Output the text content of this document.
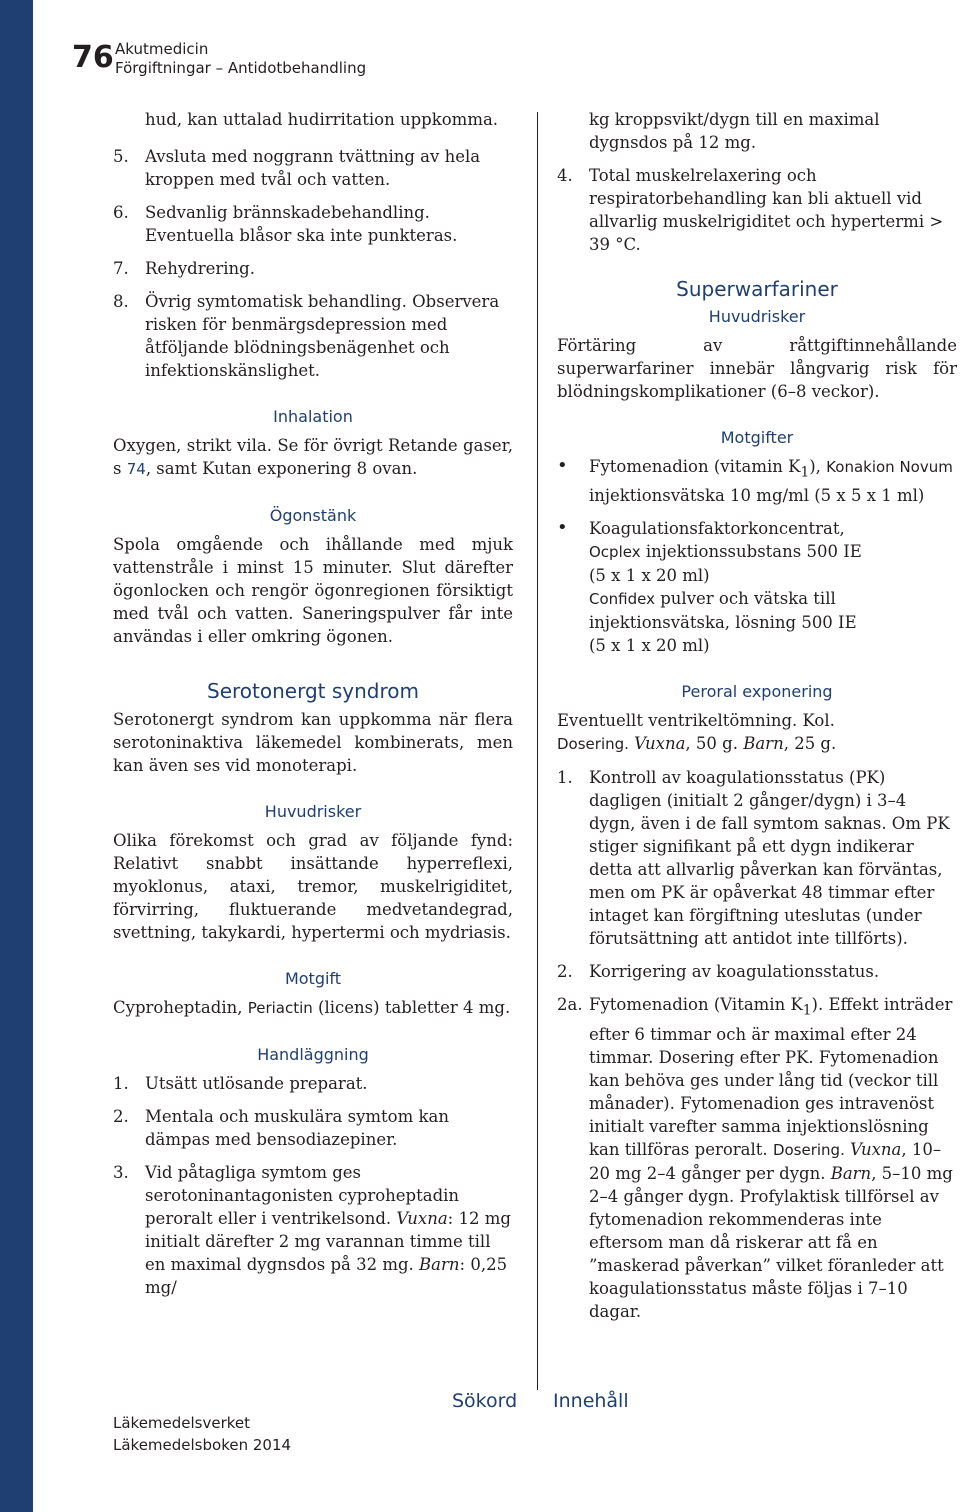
76 Akutmedicin
Förgiftningar – Antidotbehandling

hud, kan uttalad hudirritation uppkomma.

5. Avsluta med noggrann tvättning av hela kroppen med tvål och vatten.
6. Sedvanlig brännskadebehandling. Eventuella blåsor ska inte punkteras.
7. Rehydrering.
8. Övrig symtomatisk behandling. Observera risken för benmärgsdepression med åtföljande blödningsbenägenhet och infektionskänslighet.
Inhalation

Oxygen, strikt vila. Se för övrigt Retande gaser, s 74, samt Kutan exponering 8 ovan.

Ögonstänk

Spola omgående och ihållande med mjuk vattenstråle i minst 15 minuter. Slut därefter ögonlocken och rengör ögonregionen försiktigt med tvål och vatten. Saneringspulver får inte användas i eller omkring ögonen.

Serotonergt syndrom

Serotonergt syndrom kan uppkomma när flera serotoninaktiva läkemedel kombinerats, men kan även ses vid monoterapi.

Huvudrisker

Olika förekomst och grad av följande fynd: Relativt snabbt insättande hyperreflexi, myoklonus, ataxi, tremor, muskelrigiditet, förvirring, fluktuerande medvetandegrad, svettning, takykardi, hypertermi och mydriasis.

Motgift

Cyproheptadin, Periactin (licens) tabletter 4 mg.

Handläggning
1. Utsätt utlösande preparat.
2. Mentala och muskulära symtom kan dämpas med bensodiazepiner.
3. Vid påtagliga symtom ges serotoninantagonisten cyproheptadin peroralt eller i ventrikelsond. Vuxna: 12 mg initialt därefter 2 mg varannan timme till en maximal dygnsdos på 32 mg. Barn: 0,25 mg/

kg kroppsvikt/dygn till en maximal dygnsdos på 12 mg.

4. Total muskelrelaxering och respiratorbehandling kan bli aktuell vid allvarlig muskelrigiditet och hypertermi > 39 °C.
Superwarfariner
Huvudrisker

Förtäring av råttgiftinnehållande superwarfariner innebär långvarig risk för blödningskomplikationer (6–8 veckor).

Motgifter
•	Fytomenadion (vitamin $K_1$), Konakion Novum injektionsvätska 10 mg/ml (5 x 5 x 1 ml)
•	Koagulationsfaktorkoncentrat,
Ocplex injektionssubstans 500 IE
(5 x 1 x 20 ml)
Confidex pulver och vätska till injektionsvätska, lösning 500 IE
(5 x 1 x 20 ml)
Peroral exponering

Eventuellt ventrikeltömning. Kol.
Dosering. Vuxna, 50 g. Barn, 25 g.

1. Kontroll av koagulationsstatus (PK) dagligen (initialt 2 gånger/dygn) i 3–4 dygn, även i de fall symtom saknas. Om PK stiger signifikant på ett dygn indikerar detta att allvarlig påverkan kan förväntas, men om PK är opåverkat 48 timmar efter intaget kan förgiftning uteslutas (under förutsättning att antidot inte tillförts).
2. Korrigering av koagulationsstatus.
2a. Fytomenadion (Vitamin $K_1$). Effekt inträder efter 6 timmar och är maximal efter 24 timmar. Dosering efter PK. Fytomenadion kan behöva ges under lång tid (veckor till månader). Fytomenadion ges intravenöst initialt varefter samma injektionslösning kan tillföras peroralt. Dosering. Vuxna, 10–20 mg 2–4 gånger per dygn. Barn, 5–10 mg 2–4 gånger dygn. Profylaktisk tillförsel av fytomenadion rekommenderas inte eftersom man då riskerar att få en ”maskerad påverkan” vilket föranleder att koagulationsstatus måste följas i 7–10 dagar.
Sökord Innehåll
Läkemedelsverket
Läkemedelsboken 2014
